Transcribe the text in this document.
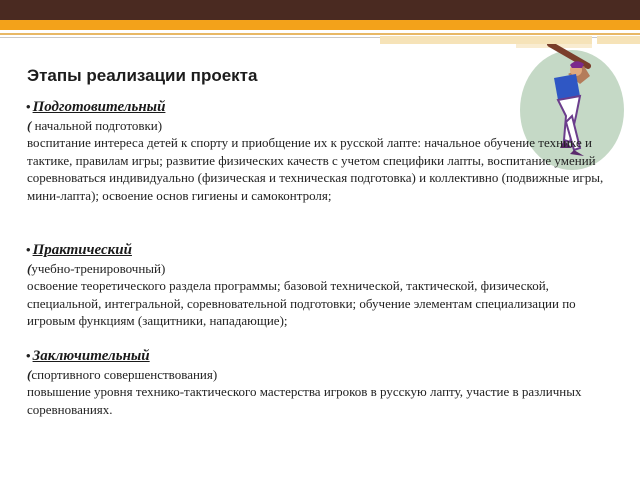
Этапы реализации проекта
• Подготовительный
( начальной подготовки)
воспитание интереса детей к спорту и приобщение их к русской лапте: начальное обучение технике и тактике, правилам игры; развитие физических качеств с учетом специфики лапты, воспитание умений соревноваться индивидуально (физическая и техническая подготовка) и коллективно (подвижные игры, мини-лапта); освоение основ гигиены и самоконтроля;
• Практический
(учебно-тренировочный)
освоение теоретического раздела программы; базовой технической, тактической, физической, специальной, интегральной, соревновательной подготовки; обучение элементам специализации по игровым функциям (защитники, нападающие);
• Заключительный
(спортивного совершенствования)
повышение уровня технико-тактического мастерства игроков в русскую лапту, участие в различных соревнованиях.
